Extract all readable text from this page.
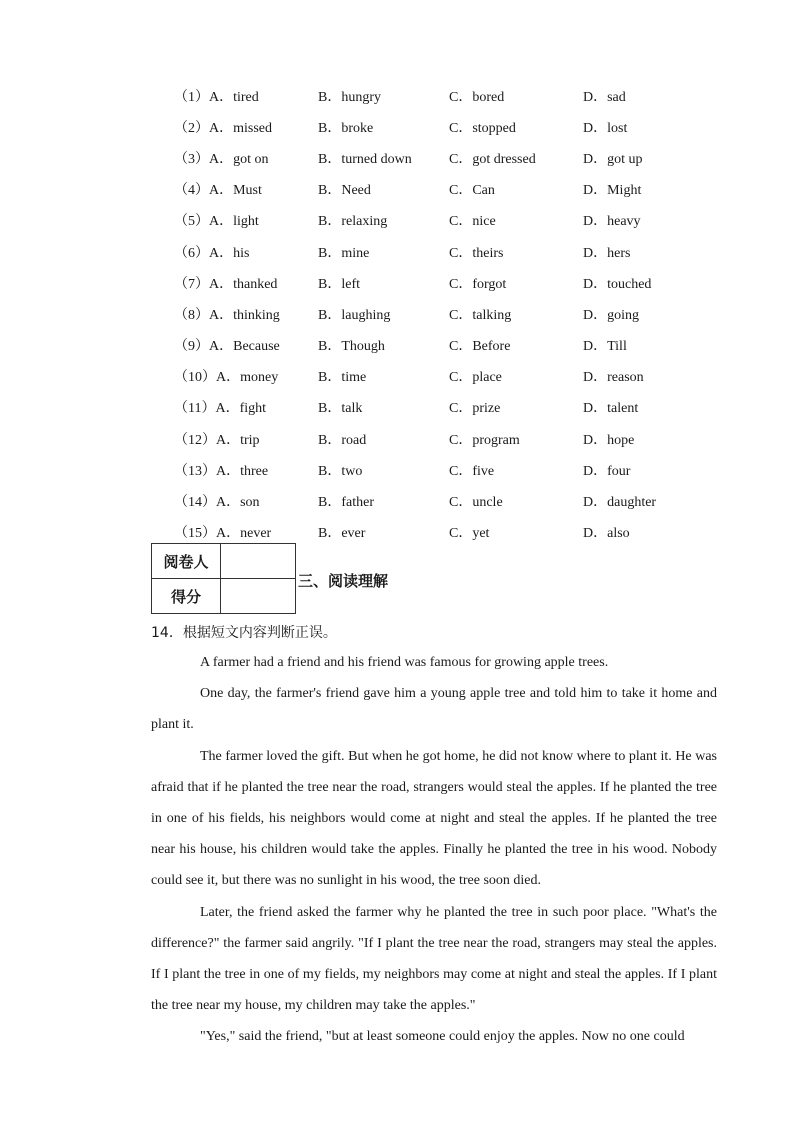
（1）A．tired	B．hungry	C．bored	D．sad
（2）A．missed	B．broke	C．stopped	D．lost
（3）A．got on	B．turned down	C．got dressed	D．got up
（4）A．Must	B．Need	C．Can	D．Might
（5）A．light	B．relaxing	C．nice	D．heavy
（6）A．his	B．mine	C．theirs	D．hers
（7）A．thanked	B．left	C．forgot	D．touched
（8）A．thinking	B．laughing	C．talking	D．going
（9）A．Because	B．Though	C．Before	D．Till
（10）A．money	B．time	C．place	D．reason
（11）A．fight	B．talk	C．prize	D．talent
（12）A．trip	B．road	C．program	D．hope
（13）A．three	B．two	C．five	D．four
（14）A．son	B．father	C．uncle	D．daughter
（15）A．never	B．ever	C．yet	D．also
阅卷人	
得分	
三、阅读理解
14．根据短文内容判断正误。

A farmer had a friend and his friend was famous for growing apple trees.

One day, the farmer's friend gave him a young apple tree and told him to take it home and plant it.

The farmer loved the gift. But when he got home, he did not know where to plant it. He was afraid that if he planted the tree near the road, strangers would steal the apples. If he planted the tree in one of his fields, his neighbors would come at night and steal the apples. If he planted the tree near his house, his children would take the apples. Finally he planted the tree in his wood. Nobody could see it, but there was no sunlight in his wood, the tree soon died.

Later, the friend asked the farmer why he planted the tree in such poor place. "What's the difference?" the farmer said angrily. "If I plant the tree near the road, strangers may steal the apples. If I plant the tree in one of my fields, my neighbors may come at night and steal the apples. If I plant the tree near my house, my children may take the apples."

"Yes," said the friend, "but at least someone could enjoy the apples. Now no one could
